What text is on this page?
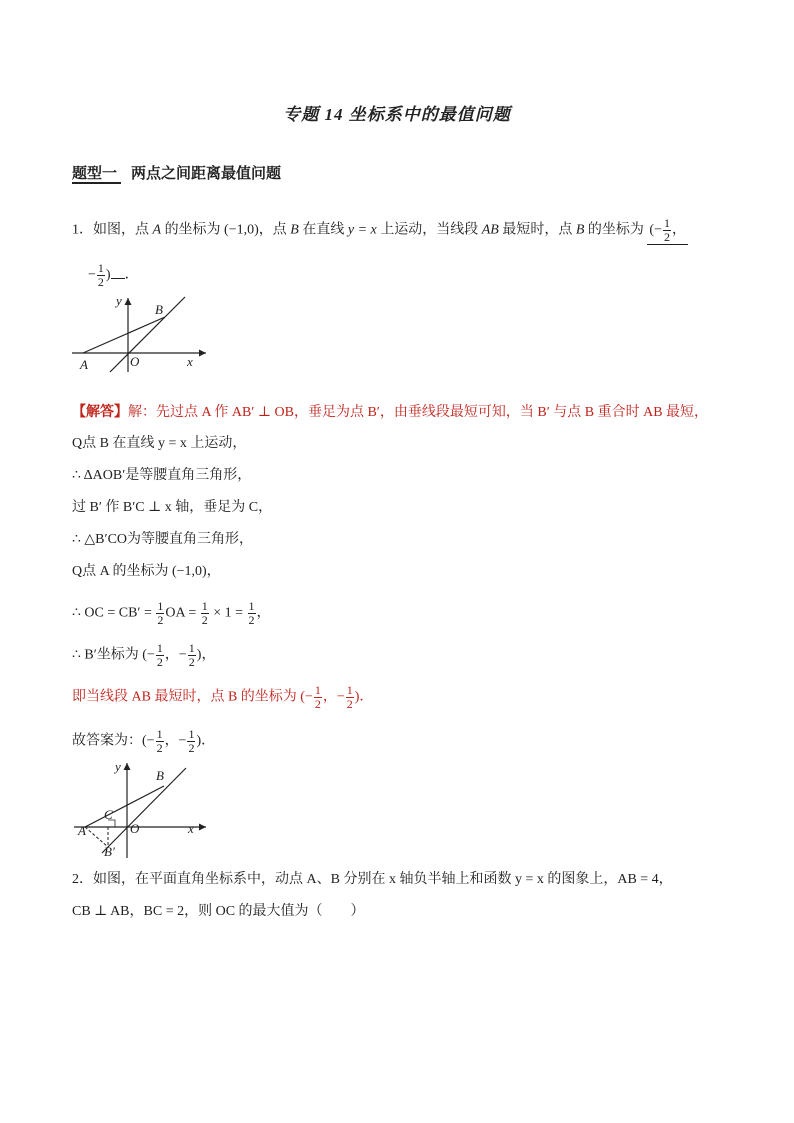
专题 14 坐标系中的最值问题
题型一 两点之间距离最值问题
1．如图，点 A 的坐标为 (−1,0)，点 B 在直线 y = x 上运动，当线段 AB 最短时，点 B 的坐标为 (− $\frac{1}{2}$ ，
− $\frac{1}{2}$ ) ．
y
B
A	O	x
【解答】解：先过点 A 作 AB′ ⊥ OB，垂足为点 B′，由垂线段最短可知，当 B′ 与点 B 重合时 AB 最短，
Q点 B 在直线 y = x 上运动，
∴ ΔAOB′是等腰直角三角形，
过 B′ 作 B′C ⊥ x 轴，垂足为 C，
∴ △B′CO为等腰直角三角形，
Q点 A 的坐标为 (−1,0)，
∴ OC = $CB' = \frac{1}{2}$ OA = $\frac{1}{2} \times 1 = \frac{1}{2}$ ，
∴ B′坐标为 (− $\frac{1}{2}$ ，− $\frac{1}{2}$ )，
即当线段 AB 最短时，点 B 的坐标为 (− $\frac{1}{2}$ ，− $\frac{1}{2}$ )．
故答案为：(− $\frac{1}{2}$ ，− $\frac{1}{2}$ )．
y
B
C
A	O	x
B′
2．如图，在平面直角坐标系中，动点 A、B 分别在 x 轴负半轴上和函数 y = x 的图象上，AB = 4，
CB ⊥ AB，BC = 2，则 OC 的最大值为（　　）
